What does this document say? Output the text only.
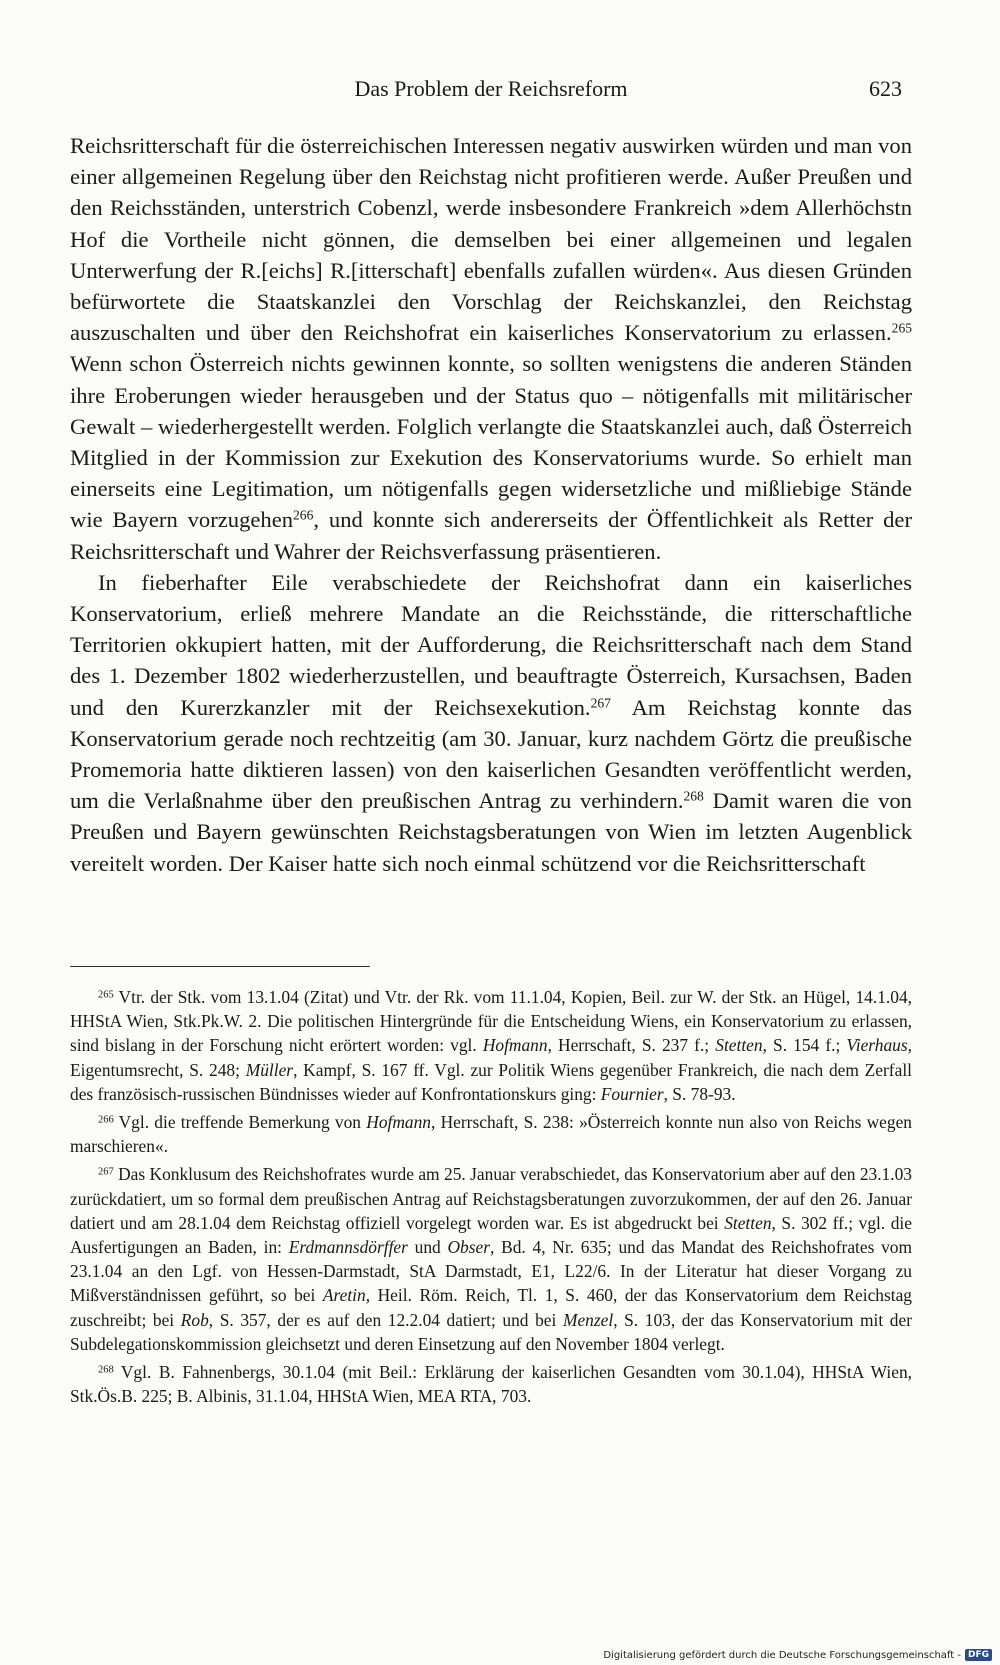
Das Problem der Reichsreform	623

Reichsritterschaft für die österreichischen Interessen negativ auswirken würden und man von einer allgemeinen Regelung über den Reichstag nicht profitieren werde. Außer Preußen und den Reichsständen, unterstrich Cobenzl, werde insbesondere Frankreich »dem Allerhöchstn Hof die Vortheile nicht gönnen, die demselben bei einer allgemeinen und legalen Unterwerfung der R.[eichs] R.[itterschaft] ebenfalls zufallen würden«. Aus diesen Gründen befürwortete die Staatskanzlei den Vorschlag der Reichskanzlei, den Reichstag auszuschalten und über den Reichshofrat ein kaiserliches Konservatorium zu erlassen.$^{265}$ Wenn schon Österreich nichts gewinnen konnte, so sollten wenigstens die anderen Ständen ihre Eroberungen wieder herausgeben und der Status quo – nötigenfalls mit militärischer Gewalt – wiederhergestellt werden. Folglich verlangte die Staatskanzlei auch, daß Österreich Mitglied in der Kommission zur Exekution des Konservatoriums wurde. So erhielt man einerseits eine Legitimation, um nötigenfalls gegen widersetzliche und mißliebige Stände wie Bayern vorzugehen$^{266}$, und konnte sich andererseits der Öffentlichkeit als Retter der Reichsritterschaft und Wahrer der Reichsverfassung präsentieren.

In fieberhafter Eile verabschiedete der Reichshofrat dann ein kaiserliches Konservatorium, erließ mehrere Mandate an die Reichsstände, die ritterschaftliche Territorien okkupiert hatten, mit der Aufforderung, die Reichsritterschaft nach dem Stand des 1. Dezember 1802 wiederherzustellen, und beauftragte Österreich, Kursachsen, Baden und den Kurerzkanzler mit der Reichsexekution.$^{267}$ Am Reichstag konnte das Konservatorium gerade noch rechtzeitig (am 30. Januar, kurz nachdem Görtz die preußische Promemoria hatte diktieren lassen) von den kaiserlichen Gesandten veröffentlicht werden, um die Verlaßnahme über den preußischen Antrag zu verhindern.$^{268}$ Damit waren die von Preußen und Bayern gewünschten Reichstagsberatungen von Wien im letzten Augenblick vereitelt worden. Der Kaiser hatte sich noch einmal schützend vor die Reichsritterschaft

$^{265}$ Vtr. der Stk. vom 13.1.04 (Zitat) und Vtr. der Rk. vom 11.1.04, Kopien, Beil. zur W. der Stk. an Hügel, 14.1.04, HHStA Wien, Stk.Pk.W. 2. Die politischen Hintergründe für die Entscheidung Wiens, ein Konservatorium zu erlassen, sind bislang in der Forschung nicht erörtert worden: vgl. Hofmann, Herrschaft, S. 237 f.; Stetten, S. 154 f.; Vierhaus, Eigentumsrecht, S. 248; Müller, Kampf, S. 167 ff. Vgl. zur Politik Wiens gegenüber Frankreich, die nach dem Zerfall des französisch-russischen Bündnisses wieder auf Konfrontationskurs ging: Fournier, S. 78-93.

$^{266}$ Vgl. die treffende Bemerkung von Hofmann, Herrschaft, S. 238: »Österreich konnte nun also von Reichs wegen marschieren«.

$^{267}$ Das Konklusum des Reichshofrates wurde am 25. Januar verabschiedet, das Konservatorium aber auf den 23.1.03 zurückdatiert, um so formal dem preußischen Antrag auf Reichstagsberatungen zuvorzukommen, der auf den 26. Januar datiert und am 28.1.04 dem Reichstag offiziell vorgelegt worden war. Es ist abgedruckt bei Stetten, S. 302 ff.; vgl. die Ausfertigungen an Baden, in: Erdmannsdörffer und Obser, Bd. 4, Nr. 635; und das Mandat des Reichshofrates vom 23.1.04 an den Lgf. von Hessen-Darmstadt, StA Darmstadt, E1, L22/6. In der Literatur hat dieser Vorgang zu Mißverständnissen geführt, so bei Aretin, Heil. Röm. Reich, Tl. 1, S. 460, der das Konservatorium dem Reichstag zuschreibt; bei Rob, S. 357, der es auf den 12.2.04 datiert; und bei Menzel, S. 103, der das Konservatorium mit der Subdelegationskommission gleichsetzt und deren Einsetzung auf den November 1804 verlegt.

$^{268}$ Vgl. B. Fahnenbergs, 30.1.04 (mit Beil.: Erklärung der kaiserlichen Gesandten vom 30.1.04), HHStA Wien, Stk.Ös.B. 225; B. Albinis, 31.1.04, HHStA Wien, MEA RTA, 703.

Digitalisierung gefördert durch die Deutsche Forschungsgemeinschaft - DFG
